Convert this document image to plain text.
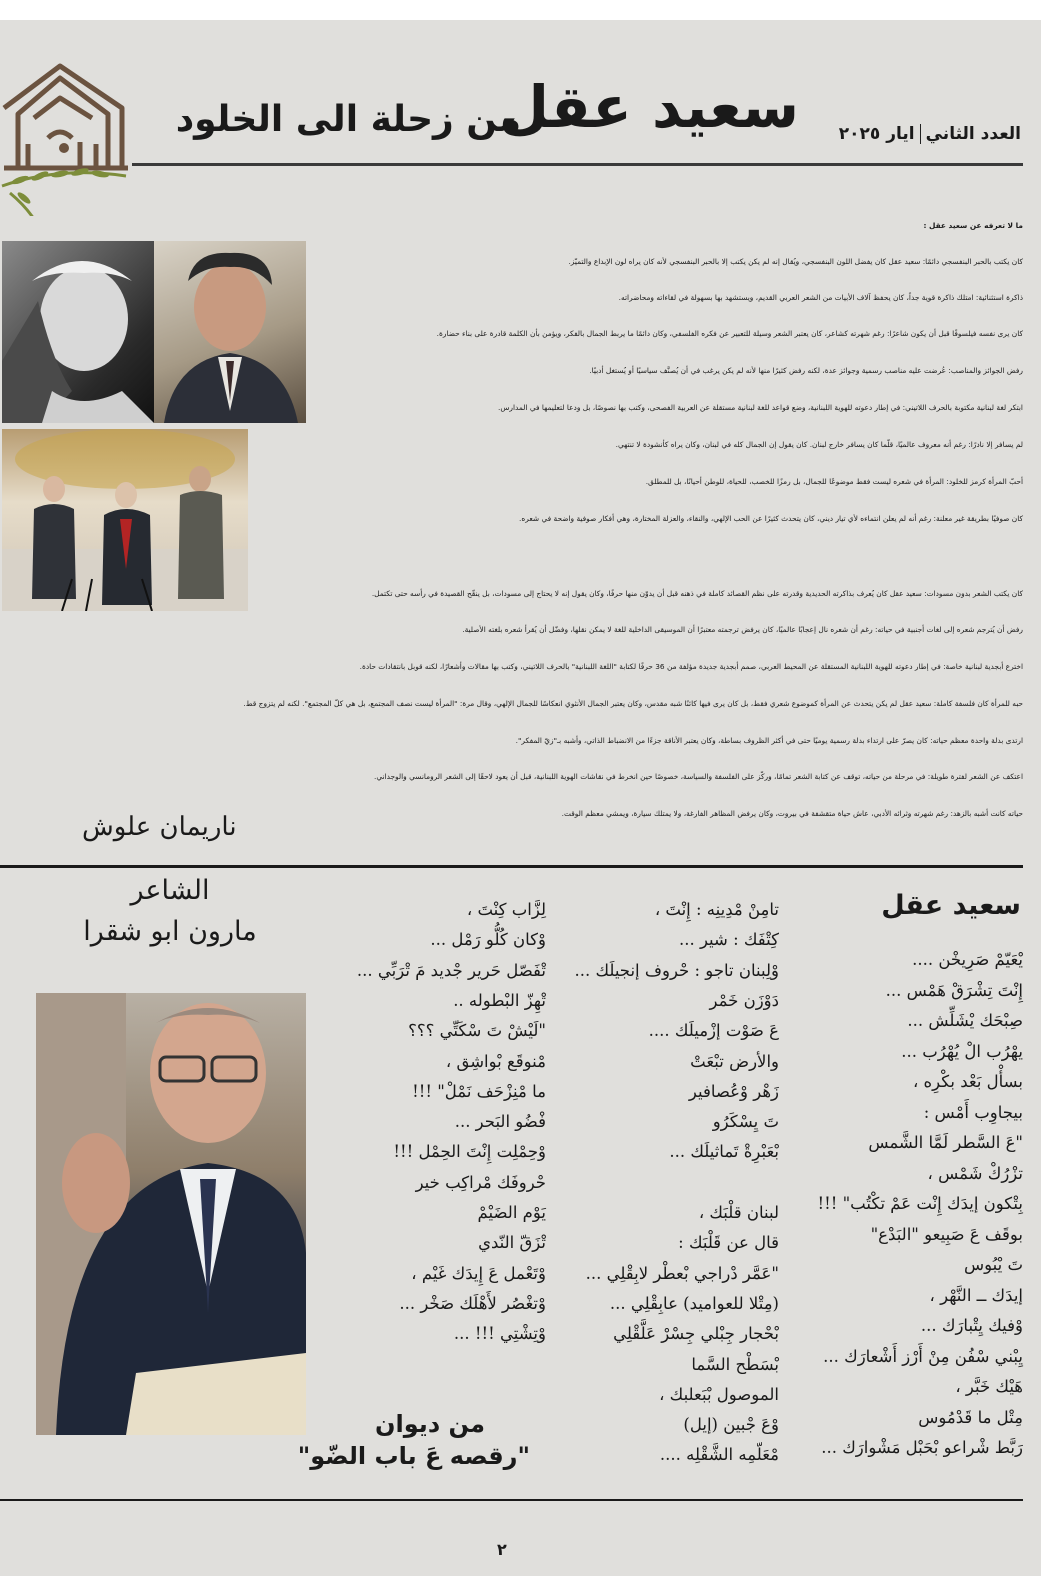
سعيد عقل
من زحلة الى الخلود	العدد الثانيايار ٢٠٢٥
ما لا تعرفه عن سعيد عقل :
كان يكتب بالحبر البنفسجي دائمًا: سعيد عقل كان يفضل اللون البنفسجي، ويُقال إنه لم يكن يكتب إلا بالحبر البنفسجي لأنه كان يراه لون الإبداع والتميّز.
ذاكرة استثنائية: امتلك ذاكرة قوية جداً، كان يحفظ آلاف الأبيات من الشعر العربي القديم، ويستشهد بها بسهولة في لقاءاته ومحاضراته.
كان يرى نفسه فيلسوفًا قبل أن يكون شاعرًا: رغم شهرته كشاعر، كان يعتبر الشعر وسيلة للتعبير عن فكره الفلسفي، وكان دائمًا ما يربط الجمال بالفكر، ويؤمن بأن الكلمة قادرة على بناء حضارة.
رفض الجوائز والمناصب: عُرضت عليه مناصب رسمية وجوائز عدة، لكنه رفض كثيرًا منها لأنه لم يكن يرغب في أن يُصنَّف سياسيًا أو يُستغل أدبيًا.
ابتكر لغة لبنانية مكتوبة بالحرف اللاتيني: في إطار دعوته للهوية اللبنانية، وضع قواعد للغة لبنانية مستقلة عن العربية الفصحى، وكتب بها نصوصًا، بل ودعا لتعليمها في المدارس.
لم يسافر إلا نادرًا: رغم أنه معروف عالميًا، قلّما كان يسافر خارج لبنان. كان يقول إن الجمال كله في لبنان، وكان يراه كأنشودة لا تنتهي.
أحبّ المرأة كرمز للخلود: المرأة في شعره ليست فقط موضوعًا للجمال، بل رمزًا للخصب، للحياة، للوطن أحيانًا، بل للمطلق.
كان صوفيًا بطريقة غير معلنة: رغم أنه لم يعلن انتماءه لأي تيار ديني، كان يتحدث كثيرًا عن الحب الإلهي، والنقاء، والعزلة المختارة، وهي أفكار صوفية واضحة في شعره.
كان يكتب الشعر بدون مسودات: سعيد عقل كان يُعرف بذاكرته الحديدية وقدرته على نظم القصائد كاملة في ذهنه قبل أن يدوّن منها حرفًا، وكان يقول إنه لا يحتاج إلى مسودات، بل ينقّح القصيدة في رأسه حتى تكتمل.
رفض أن يُترجم شعره إلى لغات أجنبية في حياته: رغم أن شعره نال إعجابًا عالميًا، كان يرفض ترجمته معتبرًا أن الموسيقى الداخلية للغة لا يمكن نقلها، وفضّل أن يُقرأ شعره بلغته الأصلية.
اخترع أبجدية لبنانية خاصة: في إطار دعوته للهوية اللبنانية المستقلة عن المحيط العربي، صمم أبجدية جديدة مؤلفة من 36 حرفًا لكتابة "اللغة اللبنانية" بالحرف اللاتيني، وكتب بها مقالات وأشعارًا، لكنه قوبل بانتقادات حادة.
حبه للمرأة كان فلسفة كاملة: سعيد عقل لم يكن يتحدث عن المرأة كموضوع شعري فقط، بل كان يرى فيها كائنًا شبه مقدس، وكان يعتبر الجمال الأنثوي انعكاسًا للجمال الإلهي، وقال مرة: "المرأة ليست نصف المجتمع، بل هي كلّ المجتمع". لكنه لم يتزوج قط.
ارتدى بدلة واحدة معظم حياته: كان يصرّ على ارتداء بدلة رسمية يوميًا حتى في أكثر الظروف بساطة، وكان يعتبر الأناقة جزءًا من الانضباط الذاتي، وأشبه بـ"زيّ المفكر".
اعتكف عن الشعر لفترة طويلة: في مرحلة من حياته، توقف عن كتابة الشعر تمامًا، وركّز على الفلسفة والسياسة، خصوصًا حين انخرط في نقاشات الهوية اللبنانية، قبل أن يعود لاحقًا إلى الشعر الرومانسي والوجداني.
حياته كانت أشبه بالزهد: رغم شهرته وثرائه الأدبي، عاش حياة متقشفة في بيروت، وكان يرفض المظاهر الفارغة، ولا يمتلك سيارة، ويمشي معظم الوقت.
ناريمان علوش
سعيد عقل
يْعَيّمْ صَرِيخْن ....
إِنْتَ تِشْرَقْ هَمْس ...
صِبْحَك يْشَلِّش ...
يهْرُب الْ يُهْرُب ...
بسأْل بَعْد بكْرِه ،
بيجاوِب أَمْس :
"عَ السَّطر لَمَّا الشَّمس
تزْرُكْ شَمْس ،
بِتْكون إيدَك إِنْت عَمْ تكْتُب" !!!
بوقَف عَ صَبِيعو "البَدْع"
تَ يْبُوس
إيدَك ــ النَّهْر ،
وْفيك يِتْبارَك ...
يِبْني سْفُن مِنْ أَرْز أَشْعارَك ...
هَيْك خَبَّر ،
مِتْل ما قَدْمُوس
رَبَّط شْراعو بْحَبْل مَشْوارَك ...
تامِنْ مْدِينِه : إِنْتَ ،
كِتْفَك : شير ...
وْلِبنان تاجو : حْروف إنجيلَك ...
دَوْزَن خَمْر
عَ صَوْت إزْميلَك ....
والأرض تبْعَتْ
زَهْر وْعُصافير
تَ يِسْكَرُو
بْعَبْرِةْ تَماثيلَك ...
لبنان قلْبَك ،
قال عن قَلْبَك :
"عَمَّر دْراجي بْعطْر لابِقْلِي ...
(مِتْلا للعواميد) عابِقْلِي ...
بْحْجار جِبْلي جِسْرْ عَلَّقْلِي
بْسَطْح السَّما
الموصول بْبَعلبك ،
وْعَ جْبين (إيل)
مْعَلّمِه الشَّقْلِه ....
لِزَّاب كِنْتَ ،
وْكان كُلُّو رَمْل ...
تْفَصّل حَرير جْديد مَ تْرَبِّي ...
تْهِزّ البْطوله ..
"لَيْشْ تَ سْكَتِّي ؟؟؟
مْنوقَع بْواشِق ،
ما مْنِزْحَف نَمْلْ" !!!
فْضُو البَحر ...
وْحِمْلِت إِنْتَ الحِمْل !!!
حْروفَك مْراكِب خير
يَوْم الضَيْمْ
تْزَقّ النّدي
وْتَعْمل عَ إِيدَك غَيْم ،
وْتغْصُر لأَهْلَك صَخْر ...
وْتِشْتِي !!! ...
الشاعر
مارون ابو شقرا
من ديوان
"رقصه عَ باب الضّو"
٢
